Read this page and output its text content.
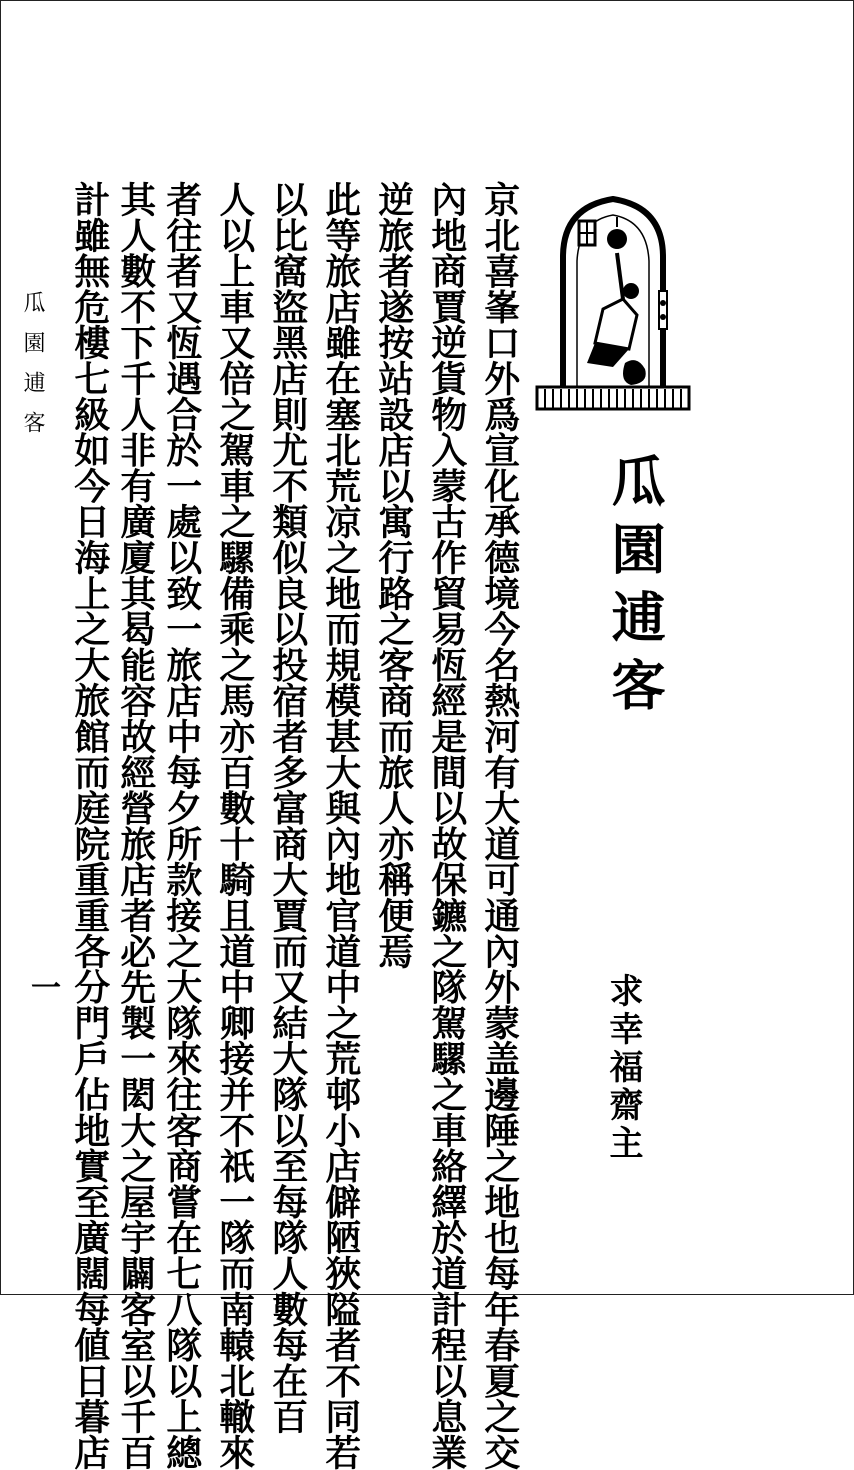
瓜園逋客
求幸福齋主
京北喜峯口外爲宣化承德境今名熱河有大道可通內外蒙盖邊陲之地也每年春夏之交
內地商賈逆貨物入蒙古作貿易恆經是間以故保鑣之隊駕騾之車絡繹於道計程以息業
逆旅者遂按站設店以寓行路之客商而旅人亦稱便焉
此等旅店雖在塞北荒凉之地而規模甚大與內地官道中之荒邨小店僻陋狹隘者不同若
以比窩盜黑店則尤不類似良以投宿者多富商大賈而又結大隊以至每隊人數每在百
人以上車又倍之駕車之騾備乘之馬亦百數十騎且道中卿接并不祇一隊而南轅北轍來
者往者又恆遇合於一處以致一旅店中每夕所款接之大隊來往客商嘗在七八隊以上總
其人數不下千人非有廣廈其曷能容故經營旅店者必先製一閎大之屋宇闢客室以千百
計雖無危樓七級如今日海上之大旅館而庭院重重各分門戶佔地實至廣闊每値日暮店
瓜園逋客
一
